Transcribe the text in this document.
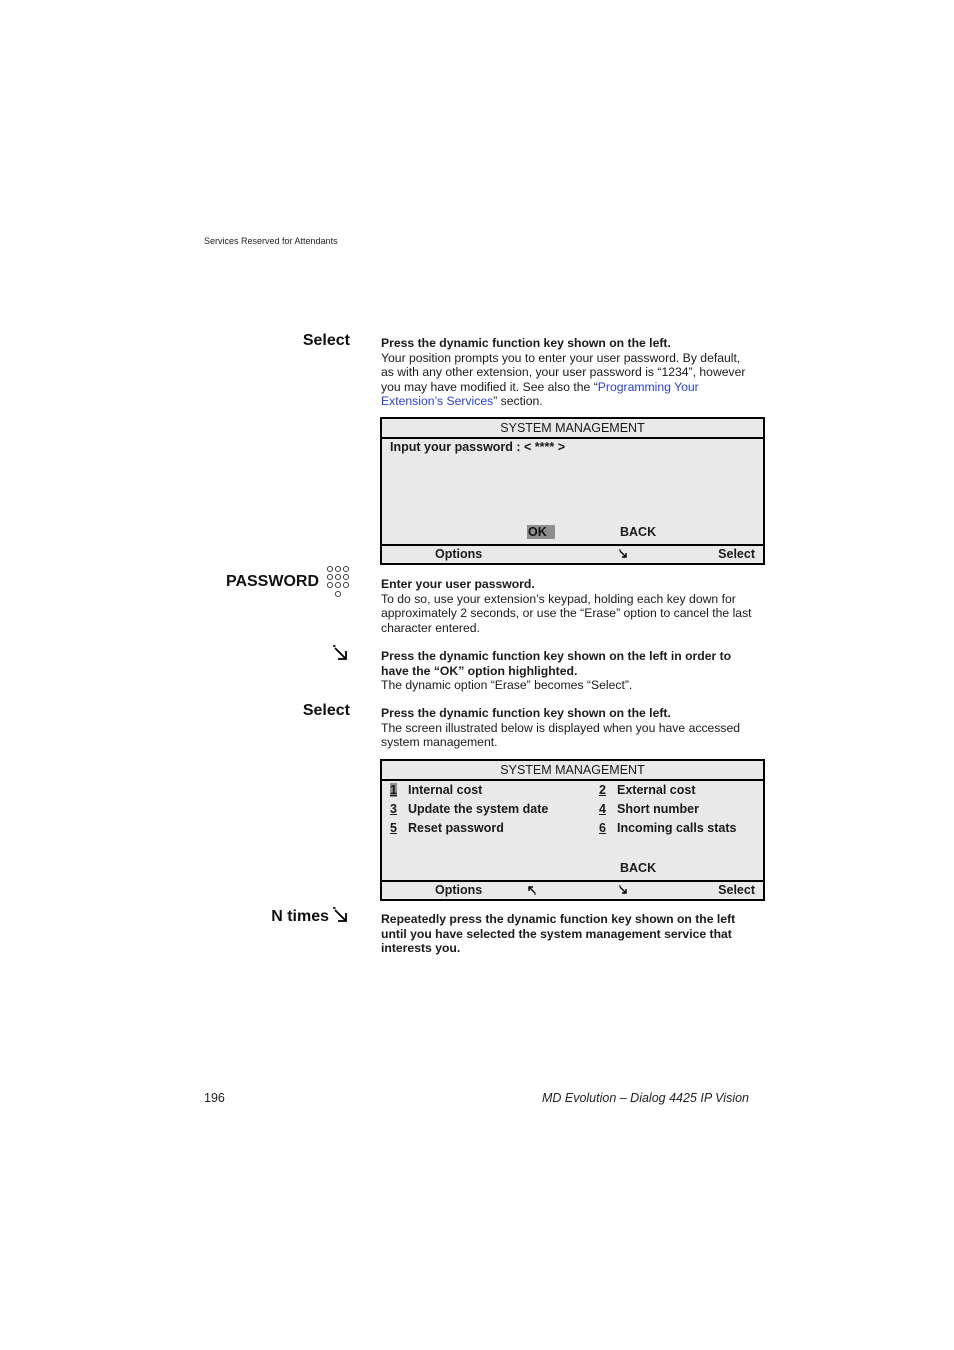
Services Reserved for Attendants
Select	Press the dynamic function key shown on the left.
Your position prompts you to enter your user password. By default, as with any other extension, your user password is “1234”, however you may have modified it. See also the “Programming Your Extension’s Services” section.
SYSTEM MANAGEMENT
Input your password : < **** >
OK	BACK
Options	Select
PASSWORD	Enter your user password.
To do so, use your extension’s keypad, holding each key down for approximately 2 seconds, or use the “Erase” option to cancel the last character entered.
Press the dynamic function key shown on the left in order to have the “OK” option highlighted.
The dynamic option “Erase” becomes “Select”.
Select	Press the dynamic function key shown on the left.
The screen illustrated below is displayed when you have accessed system management.
SYSTEM MANAGEMENT
1 Internal cost	2 External cost
3 Update the system date	4 Short number
5 Reset password	6 Incoming calls stats
BACK
Options	Select
N times	Repeatedly press the dynamic function key shown on the left until you have selected the system management service that interests you.
196	MD Evolution – Dialog 4425 IP Vision
